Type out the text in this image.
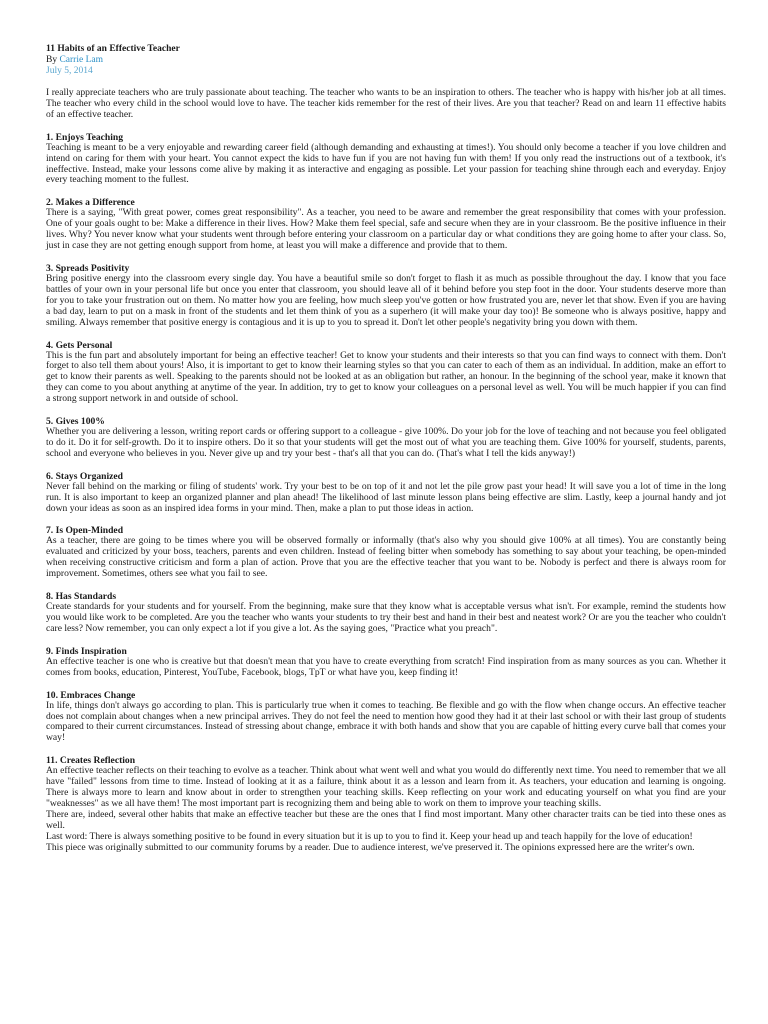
11 Habits of an Effective Teacher
By Carrie Lam
July 5, 2014

I really appreciate teachers who are truly passionate about teaching. The teacher who wants to be an inspiration to others. The teacher who is happy with his/her job at all times. The teacher who every child in the school would love to have. The teacher kids remember for the rest of their lives. Are you that teacher? Read on and learn 11 effective habits of an effective teacher.

1. Enjoys Teaching

Teaching is meant to be a very enjoyable and rewarding career field (although demanding and exhausting at times!). You should only become a teacher if you love children and intend on caring for them with your heart. You cannot expect the kids to have fun if you are not having fun with them! If you only read the instructions out of a textbook, it's ineffective. Instead, make your lessons come alive by making it as interactive and engaging as possible. Let your passion for teaching shine through each and everyday. Enjoy every teaching moment to the fullest.

2. Makes a Difference

There is a saying, "With great power, comes great responsibility". As a teacher, you need to be aware and remember the great responsibility that comes with your profession. One of your goals ought to be: Make a difference in their lives. How? Make them feel special, safe and secure when they are in your classroom. Be the positive influence in their lives. Why? You never know what your students went through before entering your classroom on a particular day or what conditions they are going home to after your class. So, just in case they are not getting enough support from home, at least you will make a difference and provide that to them.

3. Spreads Positivity

Bring positive energy into the classroom every single day. You have a beautiful smile so don't forget to flash it as much as possible throughout the day. I know that you face battles of your own in your personal life but once you enter that classroom, you should leave all of it behind before you step foot in the door. Your students deserve more than for you to take your frustration out on them. No matter how you are feeling, how much sleep you've gotten or how frustrated you are, never let that show. Even if you are having a bad day, learn to put on a mask in front of the students and let them think of you as a superhero (it will make your day too)! Be someone who is always positive, happy and smiling. Always remember that positive energy is contagious and it is up to you to spread it. Don't let other people's negativity bring you down with them.

4. Gets Personal

This is the fun part and absolutely important for being an effective teacher! Get to know your students and their interests so that you can find ways to connect with them. Don't forget to also tell them about yours! Also, it is important to get to know their learning styles so that you can cater to each of them as an individual. In addition, make an effort to get to know their parents as well. Speaking to the parents should not be looked at as an obligation but rather, an honour. In the beginning of the school year, make it known that they can come to you about anything at anytime of the year. In addition, try to get to know your colleagues on a personal level as well. You will be much happier if you can find a strong support network in and outside of school.

5. Gives 100%

Whether you are delivering a lesson, writing report cards or offering support to a colleague - give 100%. Do your job for the love of teaching and not because you feel obligated to do it. Do it for self-growth. Do it to inspire others. Do it so that your students will get the most out of what you are teaching them. Give 100% for yourself, students, parents, school and everyone who believes in you. Never give up and try your best - that's all that you can do. (That's what I tell the kids anyway!)

6. Stays Organized

Never fall behind on the marking or filing of students' work. Try your best to be on top of it and not let the pile grow past your head! It will save you a lot of time in the long run. It is also important to keep an organized planner and plan ahead! The likelihood of last minute lesson plans being effective are slim. Lastly, keep a journal handy and jot down your ideas as soon as an inspired idea forms in your mind. Then, make a plan to put those ideas in action.

7. Is Open-Minded

As a teacher, there are going to be times where you will be observed formally or informally (that's also why you should give 100% at all times). You are constantly being evaluated and criticized by your boss, teachers, parents and even children. Instead of feeling bitter when somebody has something to say about your teaching, be open-minded when receiving constructive criticism and form a plan of action. Prove that you are the effective teacher that you want to be. Nobody is perfect and there is always room for improvement. Sometimes, others see what you fail to see.

8. Has Standards

Create standards for your students and for yourself. From the beginning, make sure that they know what is acceptable versus what isn't. For example, remind the students how you would like work to be completed. Are you the teacher who wants your students to try their best and hand in their best and neatest work? Or are you the teacher who couldn't care less? Now remember, you can only expect a lot if you give a lot. As the saying goes, "Practice what you preach".

9. Finds Inspiration

An effective teacher is one who is creative but that doesn't mean that you have to create everything from scratch! Find inspiration from as many sources as you can. Whether it comes from books, education, Pinterest, YouTube, Facebook, blogs, TpT or what have you, keep finding it!

10. Embraces Change

In life, things don't always go according to plan. This is particularly true when it comes to teaching. Be flexible and go with the flow when change occurs. An effective teacher does not complain about changes when a new principal arrives. They do not feel the need to mention how good they had it at their last school or with their last group of students compared to their current circumstances. Instead of stressing about change, embrace it with both hands and show that you are capable of hitting every curve ball that comes your way!

11. Creates Reflection

An effective teacher reflects on their teaching to evolve as a teacher. Think about what went well and what you would do differently next time. You need to remember that we all have "failed" lessons from time to time. Instead of looking at it as a failure, think about it as a lesson and learn from it. As teachers, your education and learning is ongoing. There is always more to learn and know about in order to strengthen your teaching skills. Keep reflecting on your work and educating yourself on what you find are your "weaknesses" as we all have them! The most important part is recognizing them and being able to work on them to improve your teaching skills.

There are, indeed, several other habits that make an effective teacher but these are the ones that I find most important. Many other character traits can be tied into these ones as well.

Last word: There is always something positive to be found in every situation but it is up to you to find it. Keep your head up and teach happily for the love of education!

This piece was originally submitted to our community forums by a reader. Due to audience interest, we've preserved it. The opinions expressed here are the writer's own.
